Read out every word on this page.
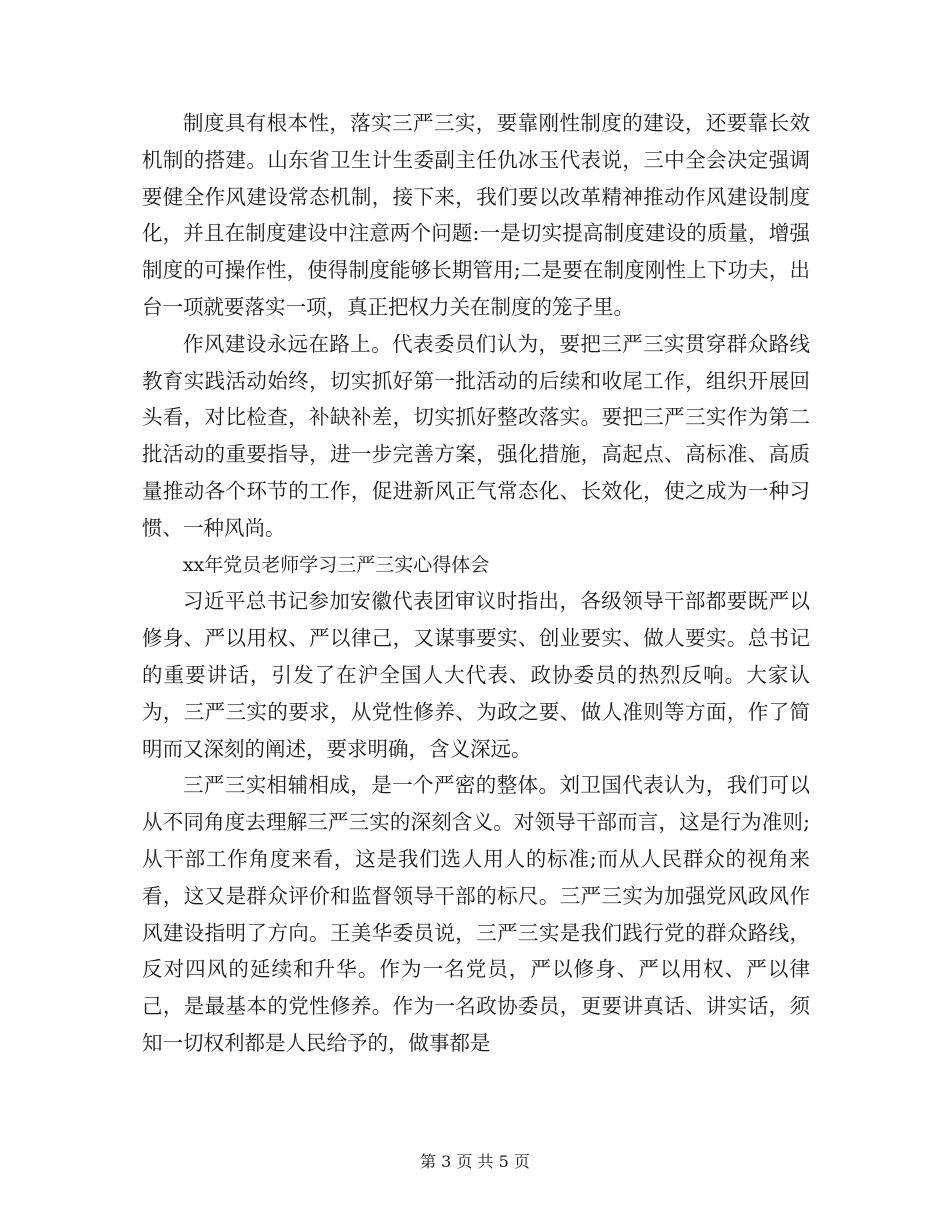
制度具有根本性，落实三严三实，要靠刚性制度的建设，还要靠长效机制的搭建。山东省卫生计生委副主任仇冰玉代表说，三中全会决定强调要健全作风建设常态机制，接下来，我们要以改革精神推动作风建设制度化，并且在制度建设中注意两个问题:一是切实提高制度建设的质量，增强制度的可操作性，使得制度能够长期管用;二是要在制度刚性上下功夫，出台一项就要落实一项，真正把权力关在制度的笼子里。

作风建设永远在路上。代表委员们认为，要把三严三实贯穿群众路线教育实践活动始终，切实抓好第一批活动的后续和收尾工作，组织开展回头看，对比检查，补缺补差，切实抓好整改落实。要把三严三实作为第二批活动的重要指导，进一步完善方案，强化措施，高起点、高标准、高质量推动各个环节的工作，促进新风正气常态化、长效化，使之成为一种习惯、一种风尚。

xx年党员老师学习三严三实心得体会

习近平总书记参加安徽代表团审议时指出，各级领导干部都要既严以修身、严以用权、严以律己，又谋事要实、创业要实、做人要实。总书记的重要讲话，引发了在沪全国人大代表、政协委员的热烈反响。大家认为，三严三实的要求，从党性修养、为政之要、做人准则等方面，作了简明而又深刻的阐述，要求明确，含义深远。

三严三实相辅相成，是一个严密的整体。刘卫国代表认为，我们可以从不同角度去理解三严三实的深刻含义。对领导干部而言，这是行为准则;从干部工作角度来看，这是我们选人用人的标准;而从人民群众的视角来看，这又是群众评价和监督领导干部的标尺。三严三实为加强党风政风作风建设指明了方向。王美华委员说，三严三实是我们践行党的群众路线，反对四风的延续和升华。作为一名党员，严以修身、严以用权、严以律己，是最基本的党性修养。作为一名政协委员，更要讲真话、讲实话，须知一切权利都是人民给予的，做事都是

第 3 页 共 5 页
